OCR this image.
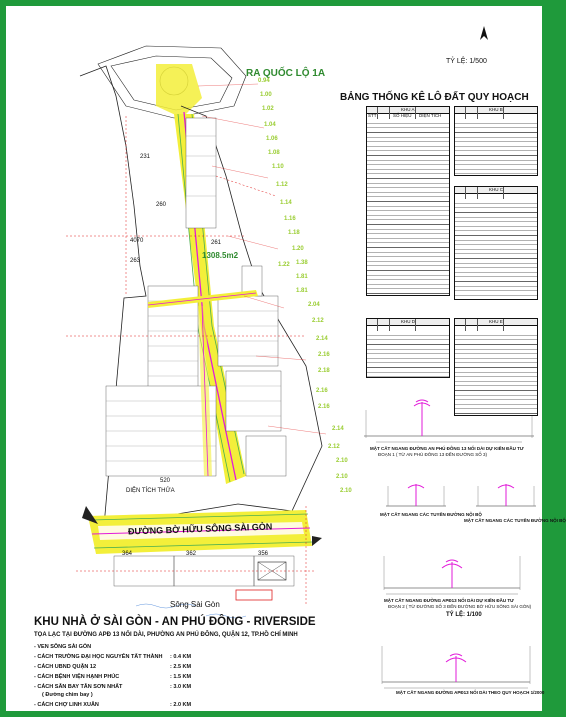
RA QUỐC LỘ 1A
TỶ LỆ: 1/500
BẢNG THỐNG KÊ LÔ ĐẤT QUY HOẠCH
1308.5m2
261
520
364	362	356
4070
263
231
260
DIỆN TÍCH THỬA
ĐƯỜNG BỜ HỮU SÔNG SÀI GÒN
Sông Sài Gòn
0.94
1.00
1.02
1.04
1.06
1.08
1.10
1.12
1.14
1.16
1.18
1.20
1.22 1.38
1.81
1.81
2.04
2.12
2.14
2.16
2.18
2.16
2.16
2.14
2.12
2.10
2.10
2.10
KHU A
STT	SỐ HIỆU DIỆN TÍCH
KHU B
KHU C
KHU D	KHU E
MẶT CẮT NGANG ĐƯỜNG AN PHÚ ĐÔNG 13 NỐI DÀI DỰ KIẾN ĐẦU TƯ
ĐOẠN 1 ( TỪ AN PHÚ ĐÔNG 13 ĐẾN ĐƯỜNG SỐ 3)
MẶT CẮT NGANG CÁC TUYẾN ĐƯỜNG NỘI BỘ
MẶT CẮT NGANG CÁC TUYẾN ĐƯỜNG NỘI BỘ
MẶT CẮT NGANG ĐƯỜNG APĐ13 NỐI DÀI DỰ KIẾN ĐẦU TƯ
ĐOẠN 2 ( TỪ ĐƯỜNG SỐ 3 ĐẾN ĐƯỜNG BỜ HỮU SÔNG SÀI GÒN)
TỶ LỆ: 1/100
MẶT CẮT NGANG ĐƯỜNG APĐ13 NỐI DÀI THEO QUY HOẠCH 1/2000
KHU NHÀ Ở SÀI GÒN - AN PHÚ ĐÔNG - RIVERSIDE
TỌA LẠC TẠI ĐƯỜNG APĐ 13 NỐI DÀI, PHƯỜNG AN PHÚ ĐÔNG, QUẬN 12, TP.HỒ CHÍ MINH
- VEN SÔNG SÀI GÒN
- CÁCH TRƯỜNG ĐẠI HỌC NGUYỄN TẤT THÀNH : 0.4 KM
- CÁCH UBND QUẬN 12	: 2.5 KM
- CÁCH BỆNH VIỆN HẠNH PHÚC	: 1.5 KM
- CÁCH SÂN BAY TÂN SƠN NHẤT	: 3.0 KM
( Đường chim bay )
- CÁCH CHỢ LINH XUÂN	: 2.0 KM
